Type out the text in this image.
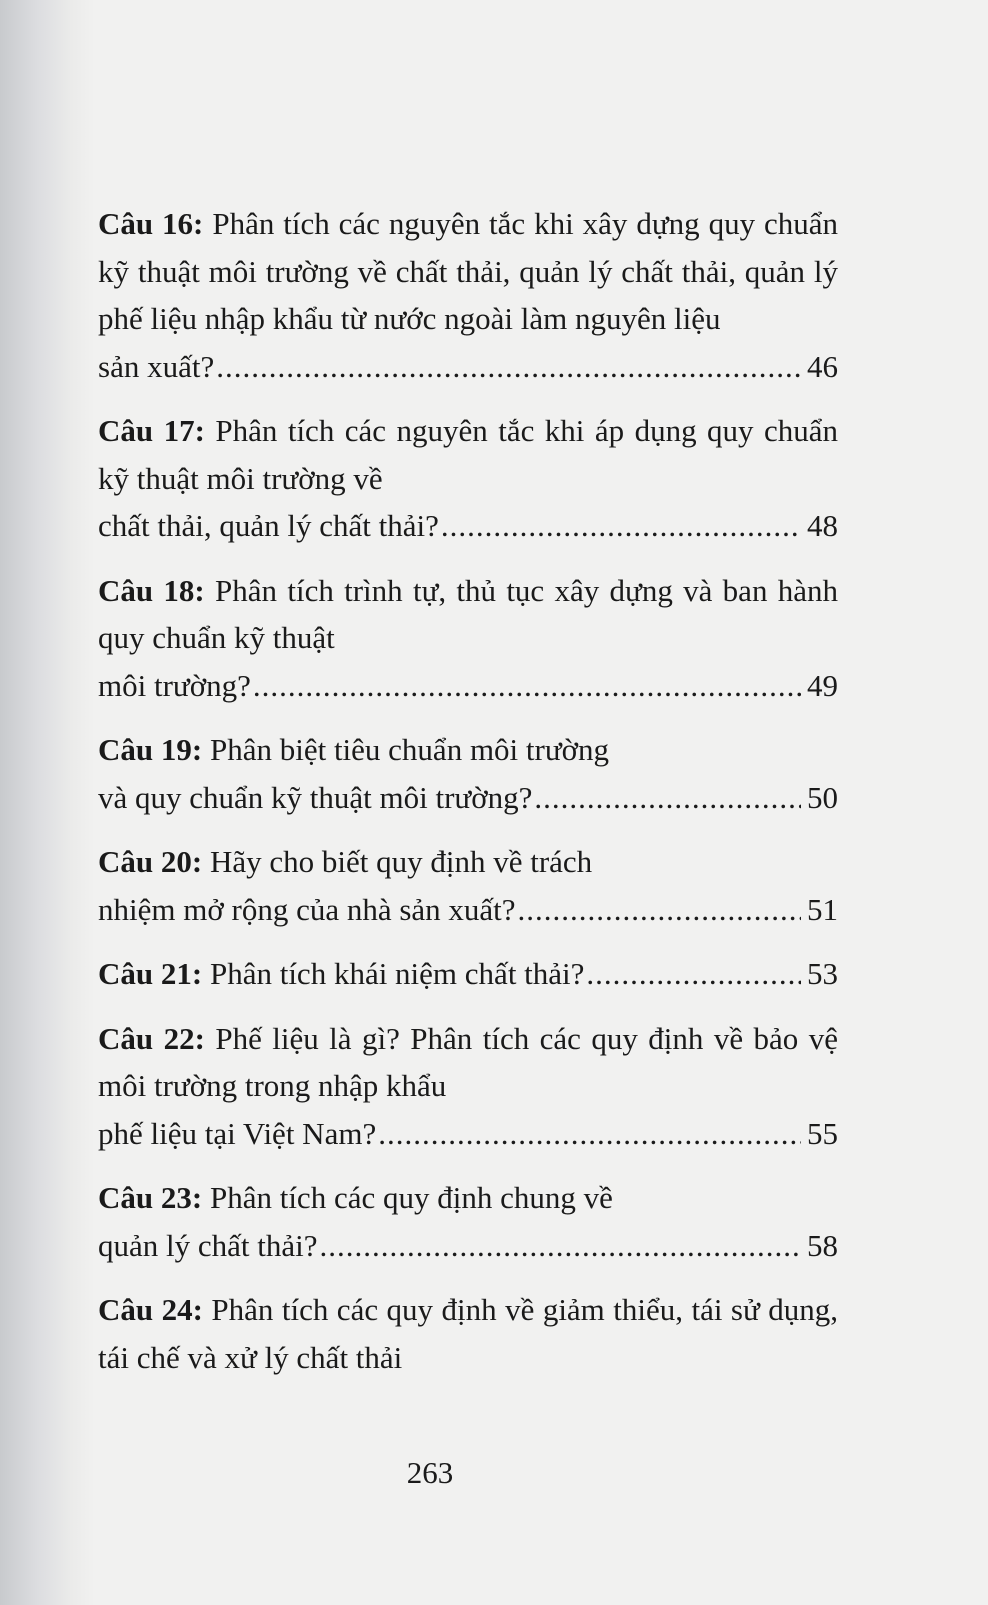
Câu 16: Phân tích các nguyên tắc khi xây dựng quy chuẩn kỹ thuật môi trường về chất thải, quản lý chất thải, quản lý phế liệu nhập khẩu từ nước ngoài làm nguyên liệu
sản xuất? .....	46
Câu 17: Phân tích các nguyên tắc khi áp dụng quy chuẩn kỹ thuật môi trường về
chất thải, quản lý chất thải? .....	48
Câu 18: Phân tích trình tự, thủ tục xây dựng và ban hành quy chuẩn kỹ thuật
môi trường? .....	49
Câu 19: Phân biệt tiêu chuẩn môi trường
và quy chuẩn kỹ thuật môi trường? .....	50
Câu 20: Hãy cho biết quy định về trách
nhiệm mở rộng của nhà sản xuất? .....	51
Câu 21: Phân tích khái niệm chất thải? .....	53
Câu 22: Phế liệu là gì? Phân tích các quy định về bảo vệ môi trường trong nhập khẩu
phế liệu tại Việt Nam? .....	55
Câu 23: Phân tích các quy định chung về
quản lý chất thải? .....	58
Câu 24: Phân tích các quy định về giảm thiểu, tái sử dụng, tái chế và xử lý chất thải
263
